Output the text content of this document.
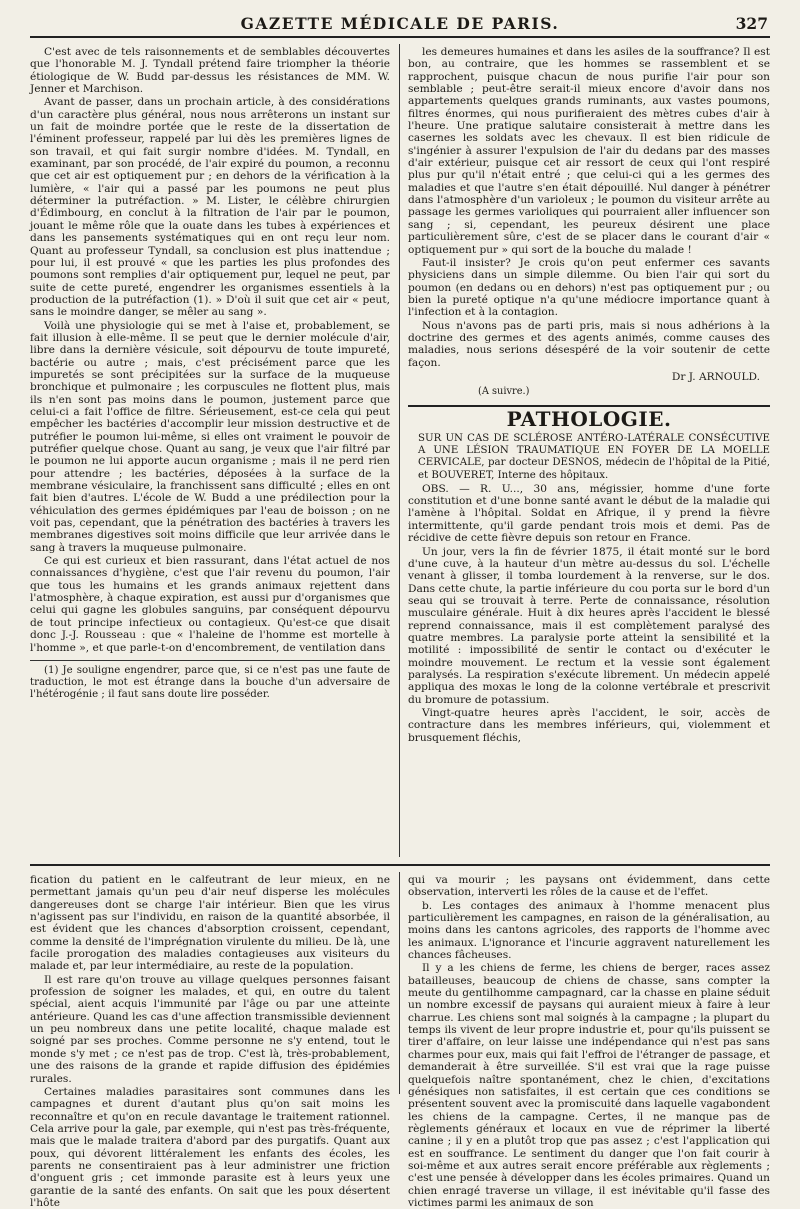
GAZETTE MÉDICALE DE PARIS.	327

C'est avec de tels raisonnements et de semblables découvertes que l'honorable M. J. Tyndall prétend faire triompher la théorie étiologique de W. Budd par-dessus les résistances de MM. W. Jenner et Marchison.

Avant de passer, dans un prochain article, à des considérations d'un caractère plus général, nous nous arrêterons un instant sur un fait de moindre portée que le reste de la dissertation de l'éminent professeur, rappelé par lui dès les premières lignes de son travail, et qui fait surgir nombre d'idées. M. Tyndall, en examinant, par son procédé, de l'air expiré du poumon, a reconnu que cet air est optiquement pur ; en dehors de la vérification à la lumière, « l'air qui a passé par les poumons ne peut plus déterminer la putréfaction. » M. Lister, le célèbre chirurgien d'Édimbourg, en conclut à la filtration de l'air par le poumon, jouant le même rôle que la ouate dans les tubes à expériences et dans les pansements systématiques qui en ont reçu leur nom. Quant au professeur Tyndall, sa conclusion est plus inattendue ; pour lui, il est prouvé « que les parties les plus profondes des poumons sont remplies d'air optiquement pur, lequel ne peut, par suite de cette pureté, engendrer les organismes essentiels à la production de la putréfaction (1). » D'où il suit que cet air « peut, sans le moindre danger, se mêler au sang ».

Voilà une physiologie qui se met à l'aise et, probablement, se fait illusion à elle-même. Il se peut que le dernier molécule d'air, libre dans la dernière vésicule, soit dépourvu de toute impureté, bactérie ou autre ; mais, c'est précisément parce que les impuretés se sont précipitées sur la surface de la muqueuse bronchique et pulmonaire ; les corpuscules ne flottent plus, mais ils n'en sont pas moins dans le poumon, justement parce que celui-ci a fait l'office de filtre. Sérieusement, est-ce cela qui peut empêcher les bactéries d'accomplir leur mission destructive et de putréfier le poumon lui-même, si elles ont vraiment le pouvoir de putréfier quelque chose. Quant au sang, je veux que l'air filtré par le poumon ne lui apporte aucun organisme ; mais il ne perd rien pour attendre ; les bactéries, déposées à la surface de la membrane vésiculaire, la franchissent sans difficulté ; elles en ont fait bien d'autres. L'école de W. Budd a une prédilection pour la véhiculation des germes épidémiques par l'eau de boisson ; on ne voit pas, cependant, que la pénétration des bactéries à travers les membranes digestives soit moins difficile que leur arrivée dans le sang à travers la muqueuse pulmonaire.

Ce qui est curieux et bien rassurant, dans l'état actuel de nos connaissances d'hygiène, c'est que l'air revenu du poumon, l'air que tous les humains et les grands animaux rejettent dans l'atmosphère, à chaque expiration, est aussi pur d'organismes que celui qui gagne les globules sanguins, par conséquent dépourvu de tout principe infectieux ou contagieux. Qu'est-ce que disait donc J.-J. Rousseau : que « l'haleine de l'homme est mortelle à l'homme », et que parle-t-on d'encombrement, de ventilation dans

(1) Je souligne engendrer, parce que, si ce n'est pas une faute de traduction, le mot est étrange dans la bouche d'un adversaire de l'hétérogénie ; il faut sans doute lire posséder.

les demeures humaines et dans les asiles de la souffrance? Il est bon, au contraire, que les hommes se rassemblent et se rapprochent, puisque chacun de nous purifie l'air pour son semblable ; peut-être serait-il mieux encore d'avoir dans nos appartements quelques grands ruminants, aux vastes poumons, filtres énormes, qui nous purifieraient des mètres cubes d'air à l'heure. Une pratique salutaire consisterait à mettre dans les casernes les soldats avec les chevaux. Il est bien ridicule de s'ingénier à assurer l'expulsion de l'air du dedans par des masses d'air extérieur, puisque cet air ressort de ceux qui l'ont respiré plus pur qu'il n'était entré ; que celui-ci qui a les germes des maladies et que l'autre s'en était dépouillé. Nul danger à pénétrer dans l'atmosphère d'un varioleux ; le poumon du visiteur arrête au passage les germes varioliques qui pourraient aller influencer son sang ; si, cependant, les peureux désirent une place particulièrement sûre, c'est de se placer dans le courant d'air « optiquement pur » qui sort de la bouche du malade !

Faut-il insister? Je crois qu'on peut enfermer ces savants physiciens dans un simple dilemme. Ou bien l'air qui sort du poumon (en dedans ou en dehors) n'est pas optiquement pur ; ou bien la pureté optique n'a qu'une médiocre importance quant à l'infection et à la contagion.

Nous n'avons pas de parti pris, mais si nous adhérions à la doctrine des germes et des agents animés, comme causes des maladies, nous serions désespéré de la voir soutenir de cette façon.

Dr J. ARNOULD.
(A suivre.)
PATHOLOGIE.

SUR UN CAS DE SCLÉROSE ANTÉRO-LATÉRALE CONSÉCUTIVE A UNE LÉSION TRAUMATIQUE EN FOYER DE LA MOELLE CERVICALE, par docteur DESNOS, médecin de l'hôpital de la Pitié, et BOUVERET, Interne des hôpitaux.

OBS. — R. U..., 30 ans, mégissier, homme d'une forte constitution et d'une bonne santé avant le début de la maladie qui l'amène à l'hôpital. Soldat en Afrique, il y prend la fièvre intermittente, qu'il garde pendant trois mois et demi. Pas de récidive de cette fièvre depuis son retour en France.

Un jour, vers la fin de février 1875, il était monté sur le bord d'une cuve, à la hauteur d'un mètre au-dessus du sol. L'échelle venant à glisser, il tomba lourdement à la renverse, sur le dos. Dans cette chute, la partie inférieure du cou porta sur le bord d'un seau qui se trouvait à terre. Perte de connaissance, résolution musculaire générale. Huit à dix heures après l'accident le blessé reprend connaissance, mais il est complètement paralysé des quatre membres. La paralysie porte atteint la sensibilité et la motilité : impossibilité de sentir le contact ou d'exécuter le moindre mouvement. Le rectum et la vessie sont également paralysés. La respiration s'exécute librement. Un médecin appelé appliqua des moxas le long de la colonne vertébrale et prescrivit du bromure de potassium.

Vingt-quatre heures après l'accident, le soir, accès de contracture dans les membres inférieurs, qui, violemment et brusquement fléchis,

fication du patient en le calfeutrant de leur mieux, en ne permettant jamais qu'un peu d'air neuf disperse les molécules dangereuses dont se charge l'air intérieur. Bien que les virus n'agissent pas sur l'individu, en raison de la quantité absorbée, il est évident que les chances d'absorption croissent, cependant, comme la densité de l'imprégnation virulente du milieu. De là, une facile prorogation des maladies contagieuses aux visiteurs du malade et, par leur intermédiaire, au reste de la population.

Il est rare qu'on trouve au village quelques personnes faisant profession de soigner les malades, et qui, en outre du talent spécial, aient acquis l'immunité par l'âge ou par une atteinte antérieure. Quand les cas d'une affection transmissible deviennent un peu nombreux dans une petite localité, chaque malade est soigné par ses proches. Comme personne ne s'y entend, tout le monde s'y met ; ce n'est pas de trop. C'est là, très-probablement, une des raisons de la grande et rapide diffusion des épidémies rurales.

Certaines maladies parasitaires sont communes dans les campagnes et durent d'autant plus qu'on sait moins les reconnaître et qu'on en recule davantage le traitement rationnel. Cela arrive pour la gale, par exemple, qui n'est pas très-fréquente, mais que le malade traitera d'abord par des purgatifs. Quant aux poux, qui dévorent littéralement les enfants des écoles, les parents ne consentiraient pas à leur administrer une friction d'onguent gris ; cet immonde parasite est à leurs yeux une garantie de la santé des enfants. On sait que les poux désertent l'hôte

qui va mourir ; les paysans ont évidemment, dans cette observation, interverti les rôles de la cause et de l'effet.

b. Les contages des animaux à l'homme menacent plus particulièrement les campagnes, en raison de la généralisation, au moins dans les cantons agricoles, des rapports de l'homme avec les animaux. L'ignorance et l'incurie aggravent naturellement les chances fâcheuses.

Il y a les chiens de ferme, les chiens de berger, races assez batailleuses, beaucoup de chiens de chasse, sans compter la meute du gentilhomme campagnard, car la chasse en plaine séduit un nombre excessif de paysans qui auraient mieux à faire à leur charrue. Les chiens sont mal soignés à la campagne ; la plupart du temps ils vivent de leur propre industrie et, pour qu'ils puissent se tirer d'affaire, on leur laisse une indépendance qui n'est pas sans charmes pour eux, mais qui fait l'effroi de l'étranger de passage, et demanderait à être surveillée. S'il est vrai que la rage puisse quelquefois naître spontanément, chez le chien, d'excitations génésiques non satisfaites, il est certain que ces conditions se présentent souvent avec la promiscuité dans laquelle vagabondent les chiens de la campagne. Certes, il ne manque pas de règlements généraux et locaux en vue de réprimer la liberté canine ; il y en a plutôt trop que pas assez ; c'est l'application qui est en souffrance. Le sentiment du danger que l'on fait courir à soi-même et aux autres serait encore préférable aux règlements ; c'est une pensée à développer dans les écoles primaires. Quand un chien enragé traverse un village, il est inévitable qu'il fasse des victimes parmi les animaux de son
